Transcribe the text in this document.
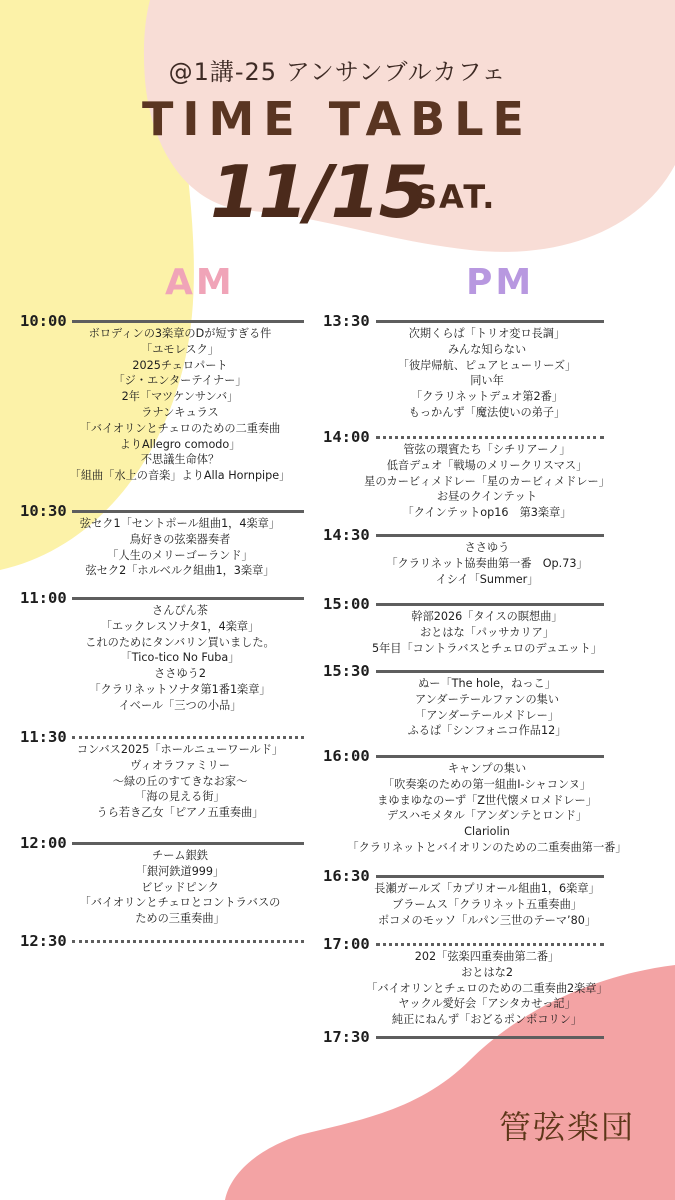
@1講-25 アンサンブルカフェ
TIME TABLE
11/15
SAT.
AM	PM
10:00
10:30
11:00
11:30
12:00
12:30
ボロディンの3楽章のDが短すぎる件
「ユモレスク」
2025チェロパート
「ジ・エンターテイナー」
2年「マツケンサンバ」
ラナンキュラス
「バイオリンとチェロのための二重奏曲
よりAllegro comodo」
不思議生命体？
「組曲「水上の音楽」よりAlla Hornpipe」
弦セク1「セントポール組曲1，4楽章」
鳥好きの弦楽器奏者
「人生のメリーゴーランド」
弦セク2「ホルベルク組曲1，3楽章」
さんぴん茶
「エックレスソナタ1，4楽章」
これのためにタンバリン買いました。
「Tico-tico No Fuba」
ささゆう2
「クラリネットソナタ第1番1楽章」
イベール「三つの小品」
コンバス2025「ホールニューワールド」
ヴィオラファミリー
～緑の丘のすてきなお家～
「海の見える街」
うら若き乙女「ピアノ五重奏曲」
チーム銀鉄
「銀河鉄道999」
ビビッドピンク
「バイオリンとチェロとコントラバスの
ための三重奏曲」
13:30
14:00
14:30
15:00
15:30
16:00
16:30
17:00
17:30
次期くらぱ「トリオ変ロ長調」
みんな知らない
「彼岸帰航、ピュアヒューリーズ」
同い年
「クラリネットデュオ第2番」
もっかんず「魔法使いの弟子」
管弦の環賓たち「シチリアーノ」
低音デュオ「戦場のメリークリスマス」
星のカービィメドレー「星のカービィメドレー」
お昼のクインテット
「クインテットop16　第3楽章」
ささゆう
「クラリネット協奏曲第一番　Op.73」
イシイ「Summer」
幹部2026「タイスの瞑想曲」
おとはな「パッサカリア」
5年目「コントラバスとチェロのデュエット」
ぬー「The hole，ねっこ」
アンダーテールファンの集い
「アンダーテールメドレー」
ふるぱ「シンフォニコ作品12」
キャンプの集い
「吹奏楽のための第一組曲Ⅰ-シャコンヌ」
まゆまゆなのーず「Z世代懐メロメドレー」
デスハモメタル「アンダンテとロンド」
Clariolin
「クラリネットとバイオリンのための二重奏曲第一番」
長瀬ガールズ「カプリオール組曲1，6楽章」
ブラームス「クラリネット五重奏曲」
ポコメのモッソ「ルパン三世のテーマ’80」
202「弦楽四重奏曲第二番」
おとはな2
「バイオリンとチェロのための二重奏曲2楽章」
ヤックル愛好会「アシタカせっ記」
純正にねんず「おどるポンポコリン」
管弦楽団
